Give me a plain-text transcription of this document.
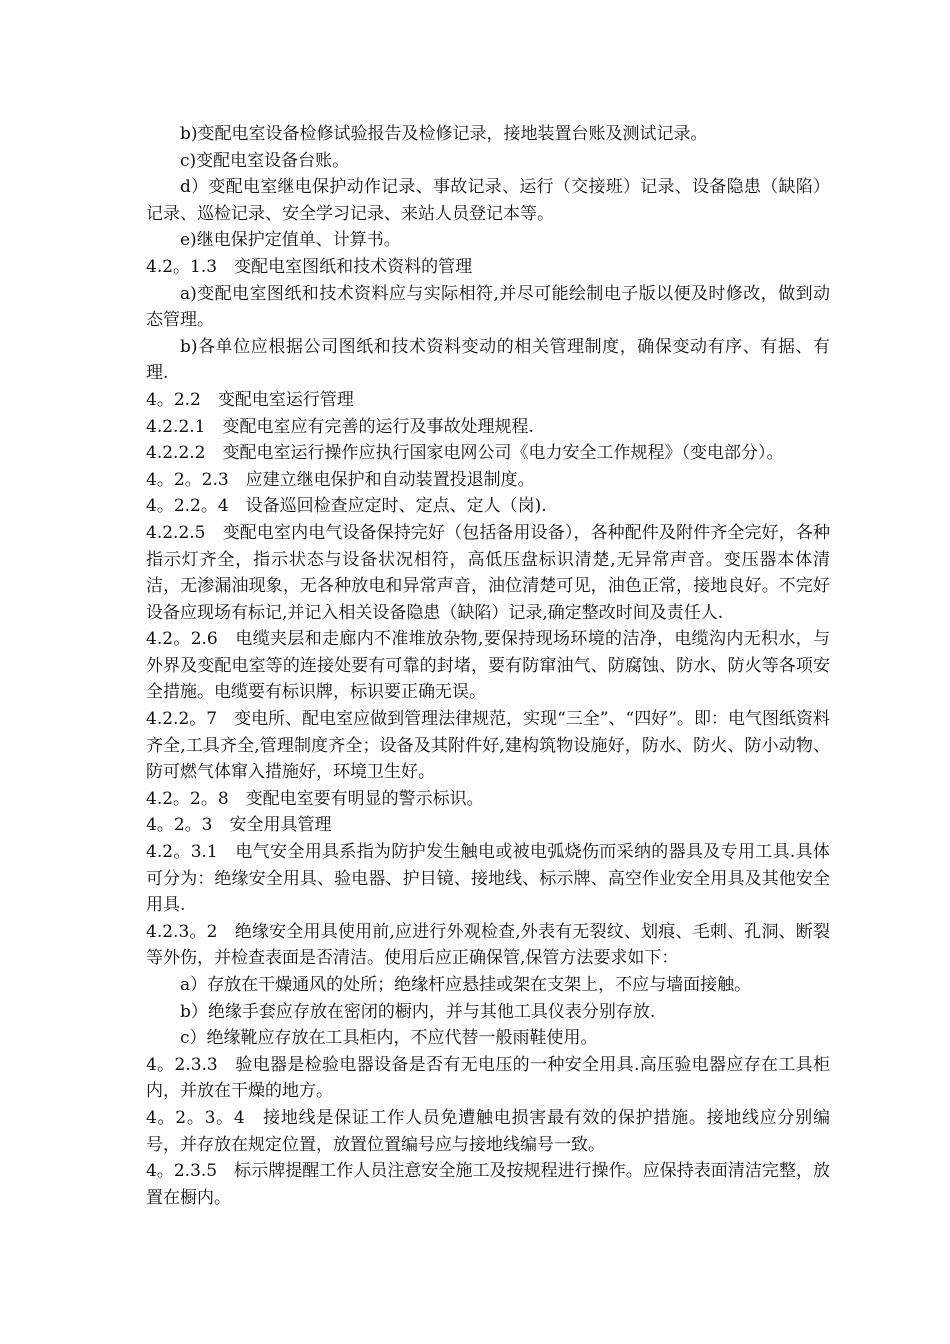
b)变配电室设备检修试验报告及检修记录，接地装置台账及测试记录。

c)变配电室设备台账。

d）变配电室继电保护动作记录、事故记录、运行（交接班）记录、设备隐患（缺陷）记录、巡检记录、安全学习记录、来站人员登记本等。

e)继电保护定值单、计算书。

4.2。1.3　变配电室图纸和技术资料的管理

a)变配电室图纸和技术资料应与实际相符,并尽可能绘制电子版以便及时修改，做到动态管理。

b)各单位应根据公司图纸和技术资料变动的相关管理制度，确保变动有序、有据、有理.

4。2.2　变配电室运行管理

4.2.2.1　变配电室应有完善的运行及事故处理规程.

4.2.2.2　变配电室运行操作应执行国家电网公司《电力安全工作规程》（变电部分）。

4。2。2.3　应建立继电保护和自动装置投退制度。

4。2.2。4　设备巡回检查应定时、定点、定人（岗).

4.2.2.5　变配电室内电气设备保持完好（包括备用设备），各种配件及附件齐全完好，各种指示灯齐全，指示状态与设备状况相符，高低压盘标识清楚,无异常声音。变压器本体清洁，无渗漏油现象，无各种放电和异常声音，油位清楚可见，油色正常，接地良好。不完好设备应现场有标记,并记入相关设备隐患（缺陷）记录,确定整改时间及责任人.

4.2。2.6　电缆夹层和走廊内不准堆放杂物,要保持现场环境的洁净，电缆沟内无积水，与外界及变配电室等的连接处要有可靠的封堵，要有防窜油气、防腐蚀、防水、防火等各项安全措施。电缆要有标识牌，标识要正确无误。

4.2.2。7　变电所、配电室应做到管理法律规范，实现“三全”、“四好”。即：电气图纸资料齐全,工具齐全,管理制度齐全；设备及其附件好,建构筑物设施好，防水、防火、防小动物、防可燃气体窜入措施好，环境卫生好。

4.2。2。8　变配电室要有明显的警示标识。

4。2。3　安全用具管理

4.2。3.1　电气安全用具系指为防护发生触电或被电弧烧伤而采纳的器具及专用工具.具体可分为：绝缘安全用具、验电器、护目镜、接地线、标示牌、高空作业安全用具及其他安全用具.

4.2.3。2　绝缘安全用具使用前,应进行外观检查,外表有无裂纹、划痕、毛刺、孔洞、断裂等外伤，并检查表面是否清洁。使用后应正确保管,保管方法要求如下：

a）存放在干燥通风的处所；绝缘杆应悬挂或架在支架上，不应与墙面接触。

b）绝缘手套应存放在密闭的橱内，并与其他工具仪表分别存放.

c）绝缘靴应存放在工具柜内，不应代替一般雨鞋使用。

4。2.3.3　验电器是检验电器设备是否有无电压的一种安全用具.高压验电器应存在工具柜内，并放在干燥的地方。

4。2。3。4　接地线是保证工作人员免遭触电损害最有效的保护措施。接地线应分别编号，并存放在规定位置，放置位置编号应与接地线编号一致。

4。2.3.5　标示牌提醒工作人员注意安全施工及按规程进行操作。应保持表面清洁完整，放置在橱内。
